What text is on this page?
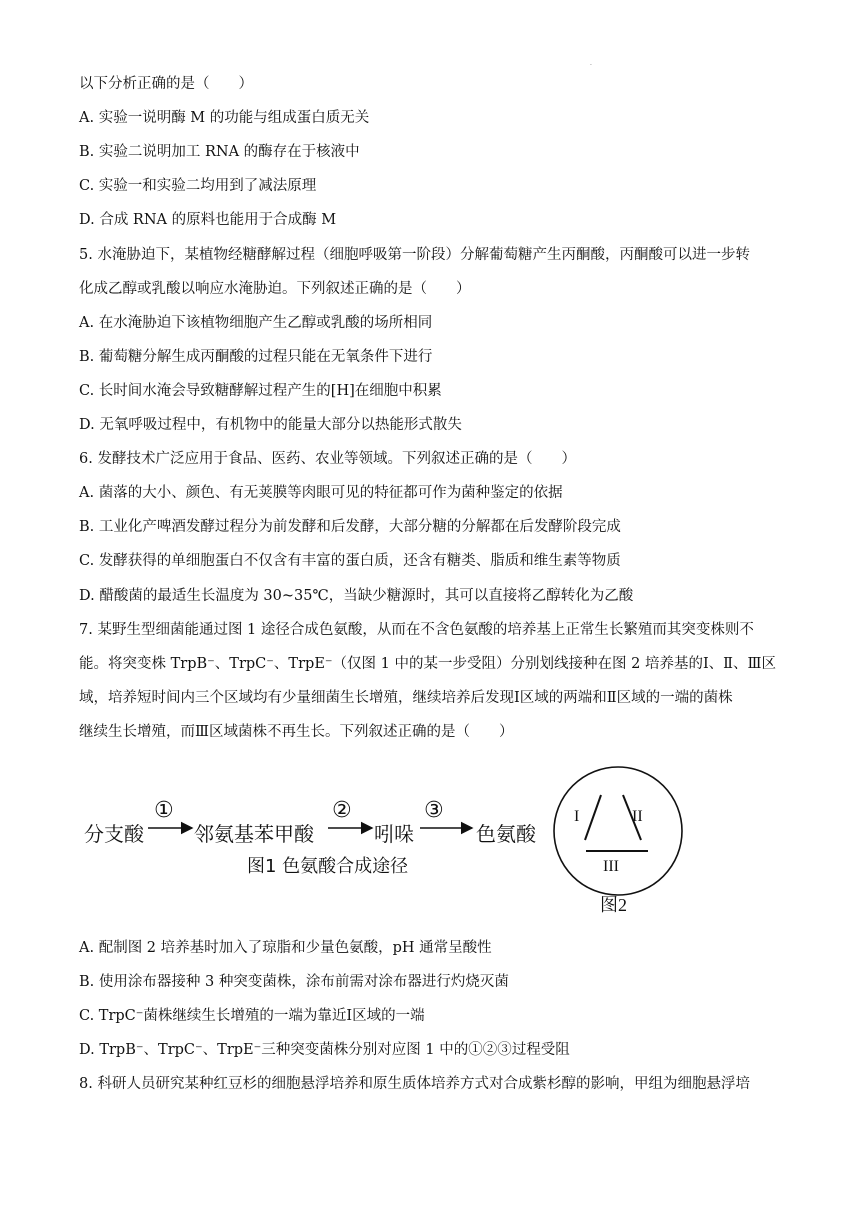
.
以下分析正确的是（　　）
A. 实验一说明酶 M 的功能与组成蛋白质无关
B. 实验二说明加工 RNA 的酶存在于核液中
C. 实验一和实验二均用到了减法原理
D. 合成 RNA 的原料也能用于合成酶 M
5. 水淹胁迫下，某植物经糖酵解过程（细胞呼吸第一阶段）分解葡萄糖产生丙酮酸，丙酮酸可以进一步转
化成乙醇或乳酸以响应水淹胁迫。下列叙述正确的是（　　）
A. 在水淹胁迫下该植物细胞产生乙醇或乳酸的场所相同
B. 葡萄糖分解生成丙酮酸的过程只能在无氧条件下进行
C. 长时间水淹会导致糖酵解过程产生的[H]在细胞中积累
D. 无氧呼吸过程中，有机物中的能量大部分以热能形式散失
6. 发酵技术广泛应用于食品、医药、农业等领域。下列叙述正确的是（　　）
A. 菌落的大小、颜色、有无荚膜等肉眼可见的特征都可作为菌种鉴定的依据
B. 工业化产啤酒发酵过程分为前发酵和后发酵，大部分糖的分解都在后发酵阶段完成
C. 发酵获得的单细胞蛋白不仅含有丰富的蛋白质，还含有糖类、脂质和维生素等物质
D. 醋酸菌的最适生长温度为 30~35℃，当缺少糖源时，其可以直接将乙醇转化为乙酸
7. 某野生型细菌能通过图 1 途径合成色氨酸，从而在不含色氨酸的培养基上正常生长繁殖而其突变株则不
能。将突变株 TrpB⁻、TrpC⁻、TrpE⁻（仅图 1 中的某一步受阻）分别划线接种在图 2 培养基的Ⅰ、Ⅱ、Ⅲ区
域，培养短时间内三个区域均有少量细菌生长增殖，继续培养后发现Ⅰ区域的两端和Ⅱ区域的一端的菌株
继续生长增殖，而Ⅲ区域菌株不再生长。下列叙述正确的是（　　）
分支酸	邻氨基苯甲酸	吲哚	色氨酸
①	②	③
图1 色氨酸合成途径
I	II
III
图2
A. 配制图 2 培养基时加入了琼脂和少量色氨酸，pH 通常呈酸性
B. 使用涂布器接种 3 种突变菌株，涂布前需对涂布器进行灼烧灭菌
C. TrpC⁻菌株继续生长增殖的一端为靠近Ⅰ区域的一端
D. TrpB⁻、TrpC⁻、TrpE⁻三种突变菌株分别对应图 1 中的①②③过程受阻
8. 科研人员研究某种红豆杉的细胞悬浮培养和原生质体培养方式对合成紫杉醇的影响，甲组为细胞悬浮培
